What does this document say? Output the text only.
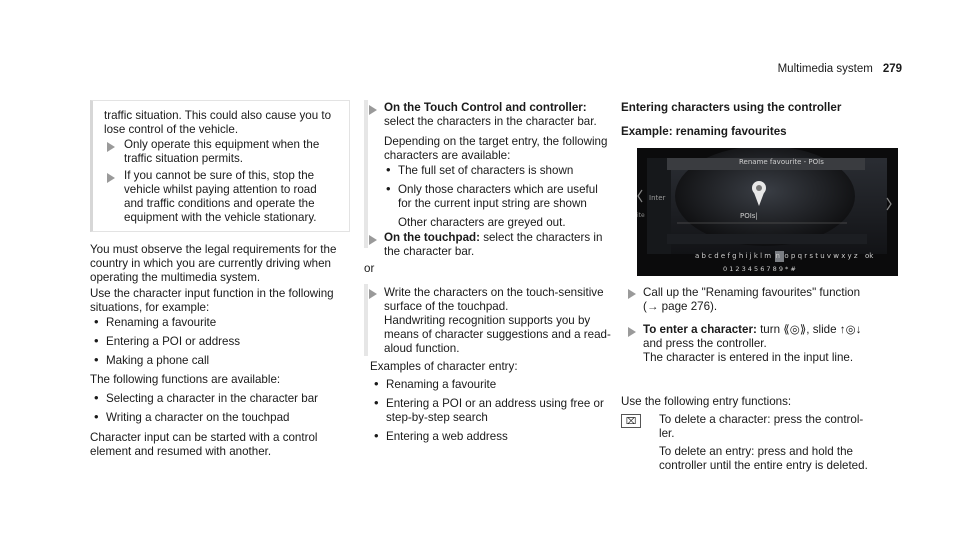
Multimedia system 279
traffic situation. This could also cause you to
lose control of the vehicle.
Only operate this equipment when the
traffic situation permits.
If you cannot be sure of this, stop the
vehicle whilst paying attention to road
and traffic conditions and operate the
equipment with the vehicle stationary.
You must observe the legal requirements for the
country in which you are currently driving when
operating the multimedia system.
Use the character input function in the following
situations, for example:
• Renaming a favourite
• Entering a POI or address
• Making a phone call
The following functions are available:
• Selecting a character in the character bar
• Writing a character on the touchpad
Character input can be started with a control
element and resumed with another.
On the Touch Control and controller:
select the characters in the character bar.
Depending on the target entry, the following
characters are available:
• The full set of characters is shown
• Only those characters which are useful
for the current input string are shown
Other characters are greyed out.
On the touchpad: select the characters in
the character bar.
or
Write the characters on the touch-sensitive
surface of the touchpad.
Handwriting recognition supports you by
means of character suggestions and a read-
aloud function.
Examples of character entry:
• Renaming a favourite
• Entering a POI or an address using free or
step-by-step search
• Entering a web address
Entering characters using the controller
Example: renaming favourites
Rename favourite - POIs
POIs|
Inter
ite
a b c d e f g h i j k l m  n  o p q r s t u v w x y z
0 1 2 3 4 5 6 7 8 9 * #
ok
Call up the "Renaming favourites" function
(→ page 276).
To enter a character: turn ⟪◎⟫, slide ↑◎↓
and press the controller.
The character is entered in the input line.
Use the following entry functions:
⌧	To delete a character: press the control-
ler.
To delete an entry: press and hold the
controller until the entire entry is deleted.
